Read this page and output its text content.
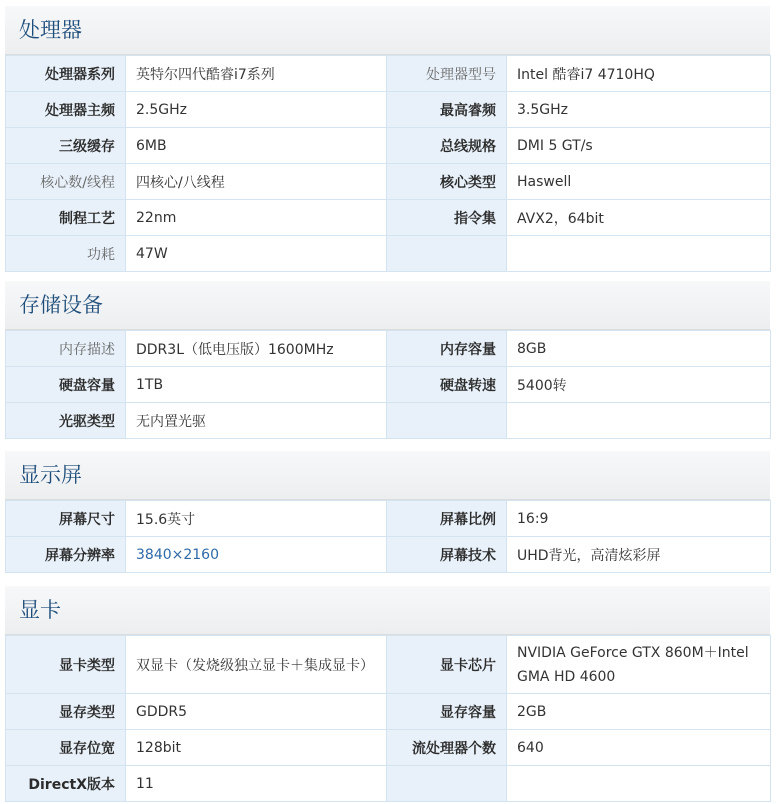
处理器
处理器系列	英特尔四代酷睿i7系列	处理器型号	Intel 酷睿i7 4710HQ
处理器主频	2.5GHz	最高睿频	3.5GHz
三级缓存	6MB	总线规格	DMI 5 GT/s
核心数/线程	四核心/八线程	核心类型	Haswell
制程工艺	22nm	指令集	AVX2，64bit
功耗	47W		
存储设备
内存描述	DDR3L（低电压版）1600MHz	内存容量	8GB
硬盘容量	1TB	硬盘转速	5400转
光驱类型	无内置光驱		
显示屏
屏幕尺寸	15.6英寸	屏幕比例	16:9
屏幕分辨率	3840×2160	屏幕技术	UHD背光，高清炫彩屏
显卡
显卡类型	双显卡（发烧级独立显卡＋集成显卡）	显卡芯片	NVIDIA GeForce GTX 860M＋Intel GMA HD 4600
显存类型	GDDR5	显存容量	2GB
显存位宽	128bit	流处理器个数	640
DirectX版本	11		
